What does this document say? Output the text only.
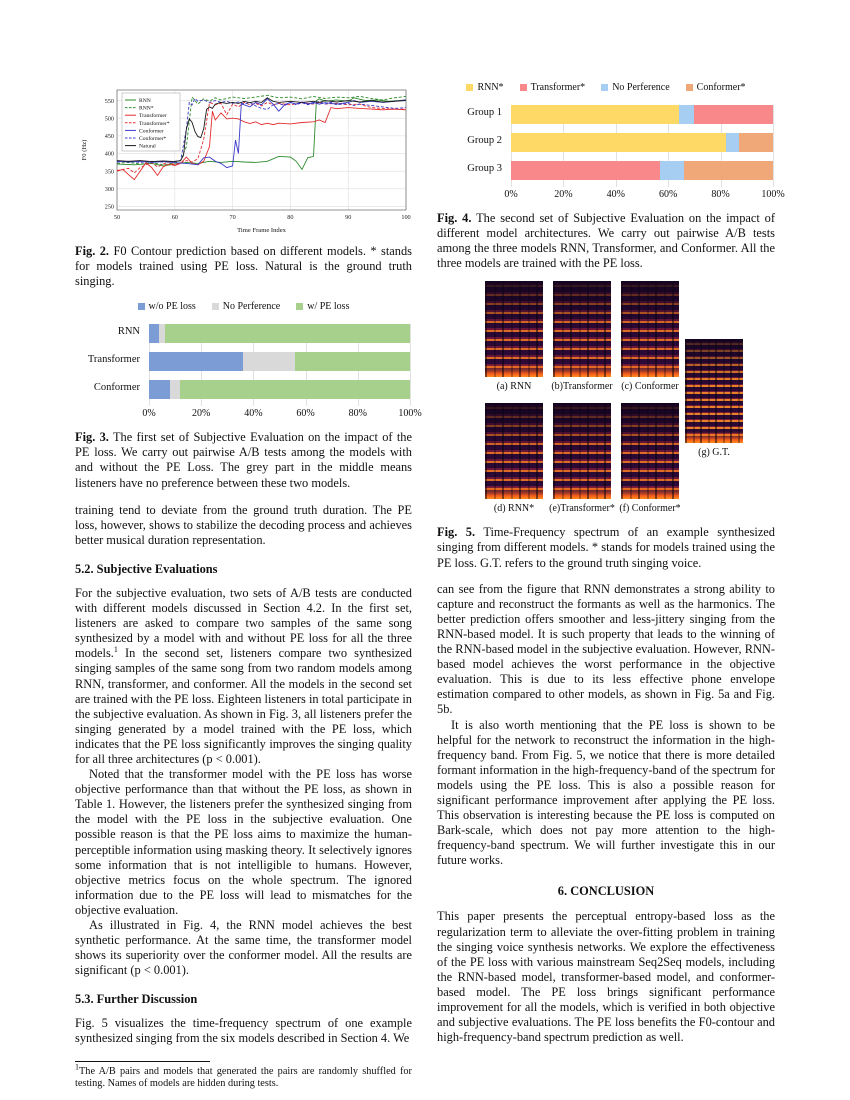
50	60	70	80	90	100
250
300
350
400
450
500
550	RNN
RNN*
Transformer
Transformer*
Conformer
Conformer*
Natural
Time Frame Index
F0 (Hz)

Fig. 2. F0 Contour prediction based on different models. * stands for models trained using PE loss. Natural is the ground truth singing.

w/o PE loss	No Perference	w/ PE loss
RNN
Transformer
Conformer
0%	20%	40%	60%	80%	100%

Fig. 3. The first set of Subjective Evaluation on the impact of the PE loss. We carry out pairwise A/B tests among the models with and without the PE Loss. The grey part in the middle means listeners have no preference between these two models.

training tend to deviate from the ground truth duration. The PE loss, however, shows to stabilize the decoding process and achieves better musical duration representation.

5.2. Subjective Evaluations

For the subjective evaluation, two sets of A/B tests are conducted with different models discussed in Section 4.2. In the first set, listeners are asked to compare two samples of the same song synthesized by a model with and without PE loss for all the three models.$^1$ In the second set, listeners compare two synthesized singing samples of the same song from two random models among RNN, transformer, and conformer. All the models in the second set are trained with the PE loss. Eighteen listeners in total participate in the subjective evaluation. As shown in Fig. 3, all listeners prefer the singing generated by a model trained with the PE loss, which indicates that the PE loss significantly improves the singing quality for all three architectures (p < 0.001).

Noted that the transformer model with the PE loss has worse objective performance than that without the PE loss, as shown in Table 1. However, the listeners prefer the synthesized singing from the model with the PE loss in the subjective evaluation. One possible reason is that the PE loss aims to maximize the human-perceptible information using masking theory. It selectively ignores some information that is not intelligible to humans. However, objective metrics focus on the whole spectrum. The ignored information due to the PE loss will lead to mismatches for the objective evaluation.

As illustrated in Fig. 4, the RNN model achieves the best synthetic performance. At the same time, the transformer model shows its superiority over the conformer model. All the results are significant (p < 0.001).

5.3. Further Discussion

Fig. 5 visualizes the time-frequency spectrum of one example synthesized singing from the six models described in Section 4. We

$^1$The A/B pairs and models that generated the pairs are randomly shuffled for testing. Names of models are hidden during tests.
RNN*	Transformer*	No Perference	Conformer*
Group 1
Group 2
Group 3
0%	20%	40%	60%	80%	100%

Fig. 4. The second set of Subjective Evaluation on the impact of different model architectures. We carry out pairwise A/B tests among the three models RNN, Transformer, and Conformer. All the three models are trained with the PE loss.

(a) RNN (b)Transformer (c) Conformer
(d) RNN* (e)Transformer* (f) Conformer*
(g) G.T.

Fig. 5. Time-Frequency spectrum of an example synthesized singing from different models. * stands for models trained using the PE loss. G.T. refers to the ground truth singing voice.

can see from the figure that RNN demonstrates a strong ability to capture and reconstruct the formants as well as the harmonics. The better prediction offers smoother and less-jittery singing from the RNN-based model. It is such property that leads to the winning of the RNN-based model in the subjective evaluation. However, RNN-based model achieves the worst performance in the objective evaluation. This is due to its less effective phone envelope estimation compared to other models, as shown in Fig. 5a and Fig. 5b.

It is also worth mentioning that the PE loss is shown to be helpful for the network to reconstruct the information in the high-frequency band. From Fig. 5, we notice that there is more detailed formant information in the high-frequency-band of the spectrum for models using the PE loss. This is also a possible reason for significant performance improvement after applying the PE loss. This observation is interesting because the PE loss is computed on Bark-scale, which does not pay more attention to the high-frequency-band spectrum. We will further investigate this in our future works.

6. CONCLUSION

This paper presents the perceptual entropy-based loss as the regularization term to alleviate the over-fitting problem in training the singing voice synthesis networks. We explore the effectiveness of the PE loss with various mainstream Seq2Seq models, including the RNN-based model, transformer-based model, and conformer-based model. The PE loss brings significant performance improvement for all the models, which is verified in both objective and subjective evaluations. The PE loss benefits the F0-contour and high-frequency-band spectrum prediction as well.
